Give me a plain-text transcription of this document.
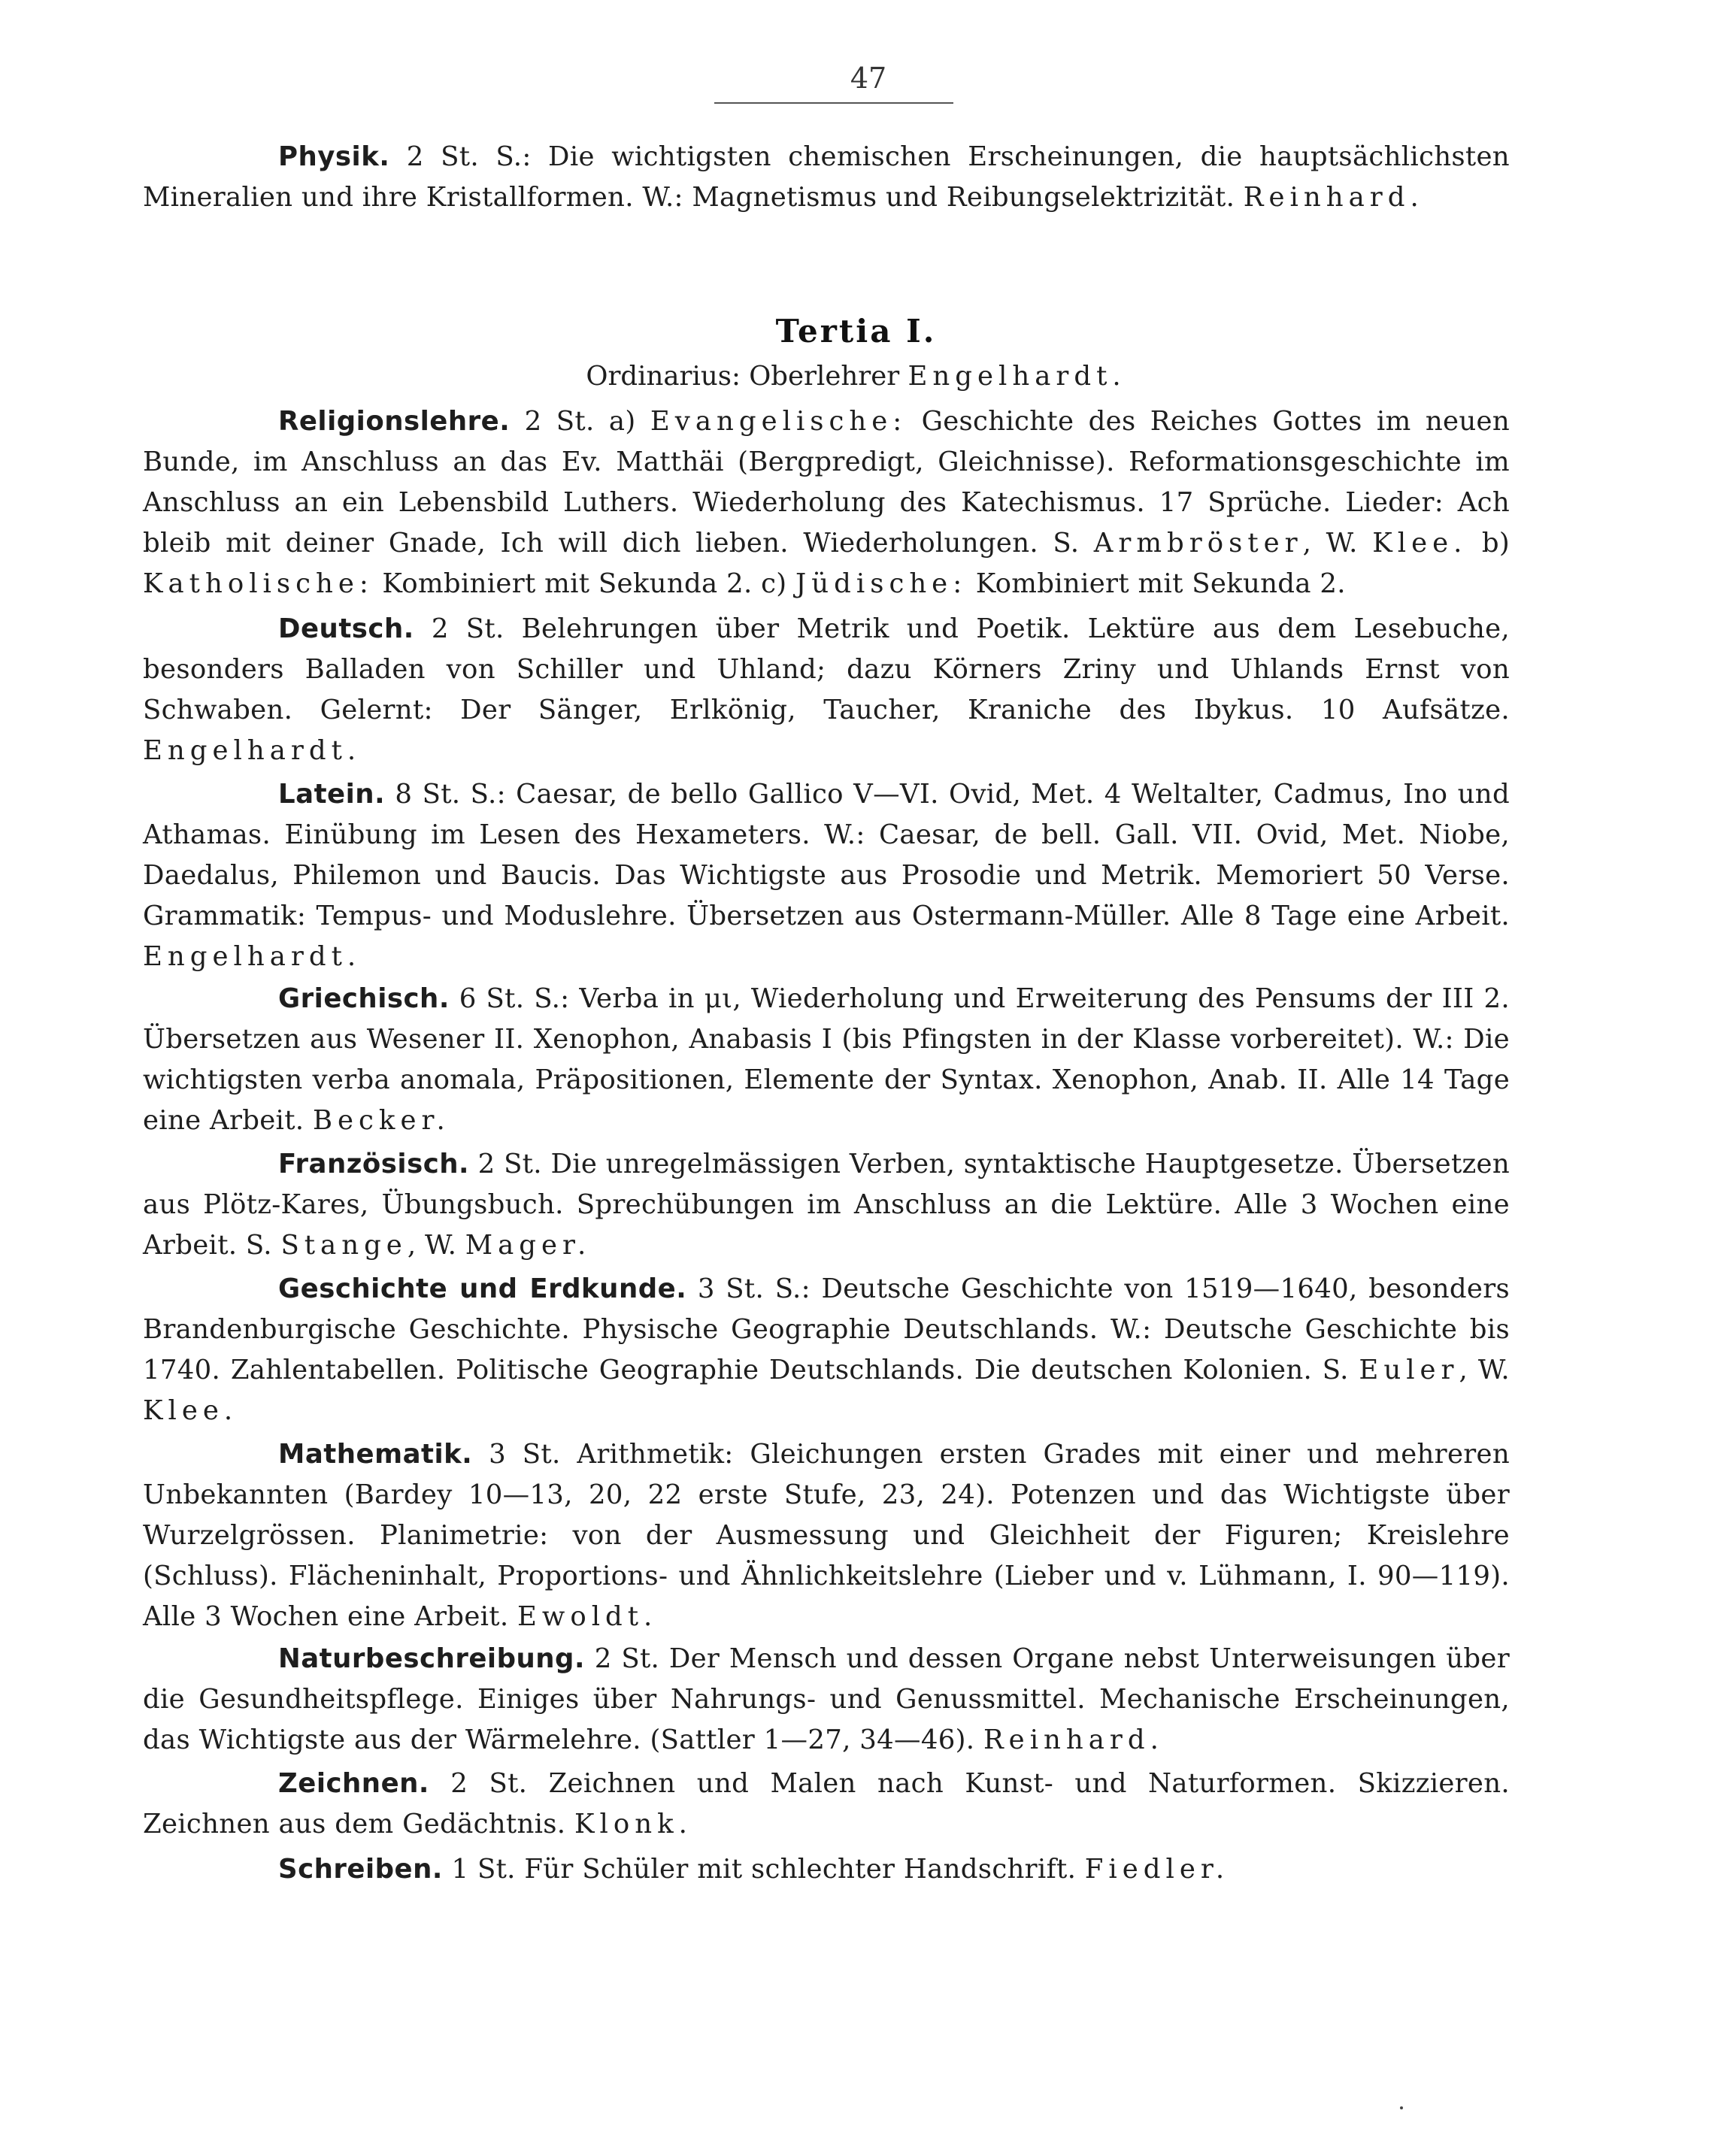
47

Physik. 2 St. S.: Die wichtigsten chemischen Erscheinungen, die hauptsächlichsten Mineralien und ihre Kristallformen. W.: Magnetismus und Reibungselektrizität. Reinhard.

Tertia I.
Ordinarius: Oberlehrer Engelhardt.

Religionslehre. 2 St. a) Evangelische: Geschichte des Reiches Gottes im neuen Bunde, im Anschluss an das Ev. Matthäi (Bergpredigt, Gleichnisse). Reformationsgeschichte im Anschluss an ein Lebensbild Luthers. Wiederholung des Katechismus. 17 Sprüche. Lieder: Ach bleib mit deiner Gnade, Ich will dich lieben. Wiederholungen. S. Armbröster, W. Klee. b) Katholische: Kombiniert mit Sekunda 2. c) Jüdische: Kombiniert mit Sekunda 2.

Deutsch. 2 St. Belehrungen über Metrik und Poetik. Lektüre aus dem Lesebuche, besonders Balladen von Schiller und Uhland; dazu Körners Zriny und Uhlands Ernst von Schwaben. Gelernt: Der Sänger, Erlkönig, Taucher, Kraniche des Ibykus. 10 Aufsätze. Engelhardt.

Latein. 8 St. S.: Caesar, de bello Gallico V—VI. Ovid, Met. 4 Weltalter, Cadmus, Ino und Athamas. Einübung im Lesen des Hexameters. W.: Caesar, de bell. Gall. VII. Ovid, Met. Niobe, Daedalus, Philemon und Baucis. Das Wichtigste aus Prosodie und Metrik. Memoriert 50 Verse. Grammatik: Tempus- und Moduslehre. Übersetzen aus Ostermann-Müller. Alle 8 Tage eine Arbeit. Engelhardt.

Griechisch. 6 St. S.: Verba in μι, Wiederholung und Erweiterung des Pensums der III 2. Übersetzen aus Wesener II. Xenophon, Anabasis I (bis Pfingsten in der Klasse vorbereitet). W.: Die wichtigsten verba anomala, Präpositionen, Elemente der Syntax. Xenophon, Anab. II. Alle 14 Tage eine Arbeit. Becker.

Französisch. 2 St. Die unregelmässigen Verben, syntaktische Hauptgesetze. Übersetzen aus Plötz-Kares, Übungsbuch. Sprechübungen im Anschluss an die Lektüre. Alle 3 Wochen eine Arbeit. S. Stange, W. Mager.

Geschichte und Erdkunde. 3 St. S.: Deutsche Geschichte von 1519—1640, besonders Brandenburgische Geschichte. Physische Geographie Deutschlands. W.: Deutsche Geschichte bis 1740. Zahlentabellen. Politische Geographie Deutschlands. Die deutschen Kolonien. S. Euler, W. Klee.

Mathematik. 3 St. Arithmetik: Gleichungen ersten Grades mit einer und mehreren Unbekannten (Bardey 10—13, 20, 22 erste Stufe, 23, 24). Potenzen und das Wichtigste über Wurzelgrössen. Planimetrie: von der Ausmessung und Gleichheit der Figuren; Kreislehre (Schluss). Flächeninhalt, Proportions- und Ähnlichkeitslehre (Lieber und v. Lühmann, I. 90—119). Alle 3 Wochen eine Arbeit. Ewoldt.

Naturbeschreibung. 2 St. Der Mensch und dessen Organe nebst Unterweisungen über die Gesundheitspflege. Einiges über Nahrungs- und Genussmittel. Mechanische Erscheinungen, das Wichtigste aus der Wärmelehre. (Sattler 1—27, 34—46). Reinhard.

Zeichnen. 2 St. Zeichnen und Malen nach Kunst- und Naturformen. Skizzieren. Zeichnen aus dem Gedächtnis. Klonk.

Schreiben. 1 St. Für Schüler mit schlechter Handschrift. Fiedler.
